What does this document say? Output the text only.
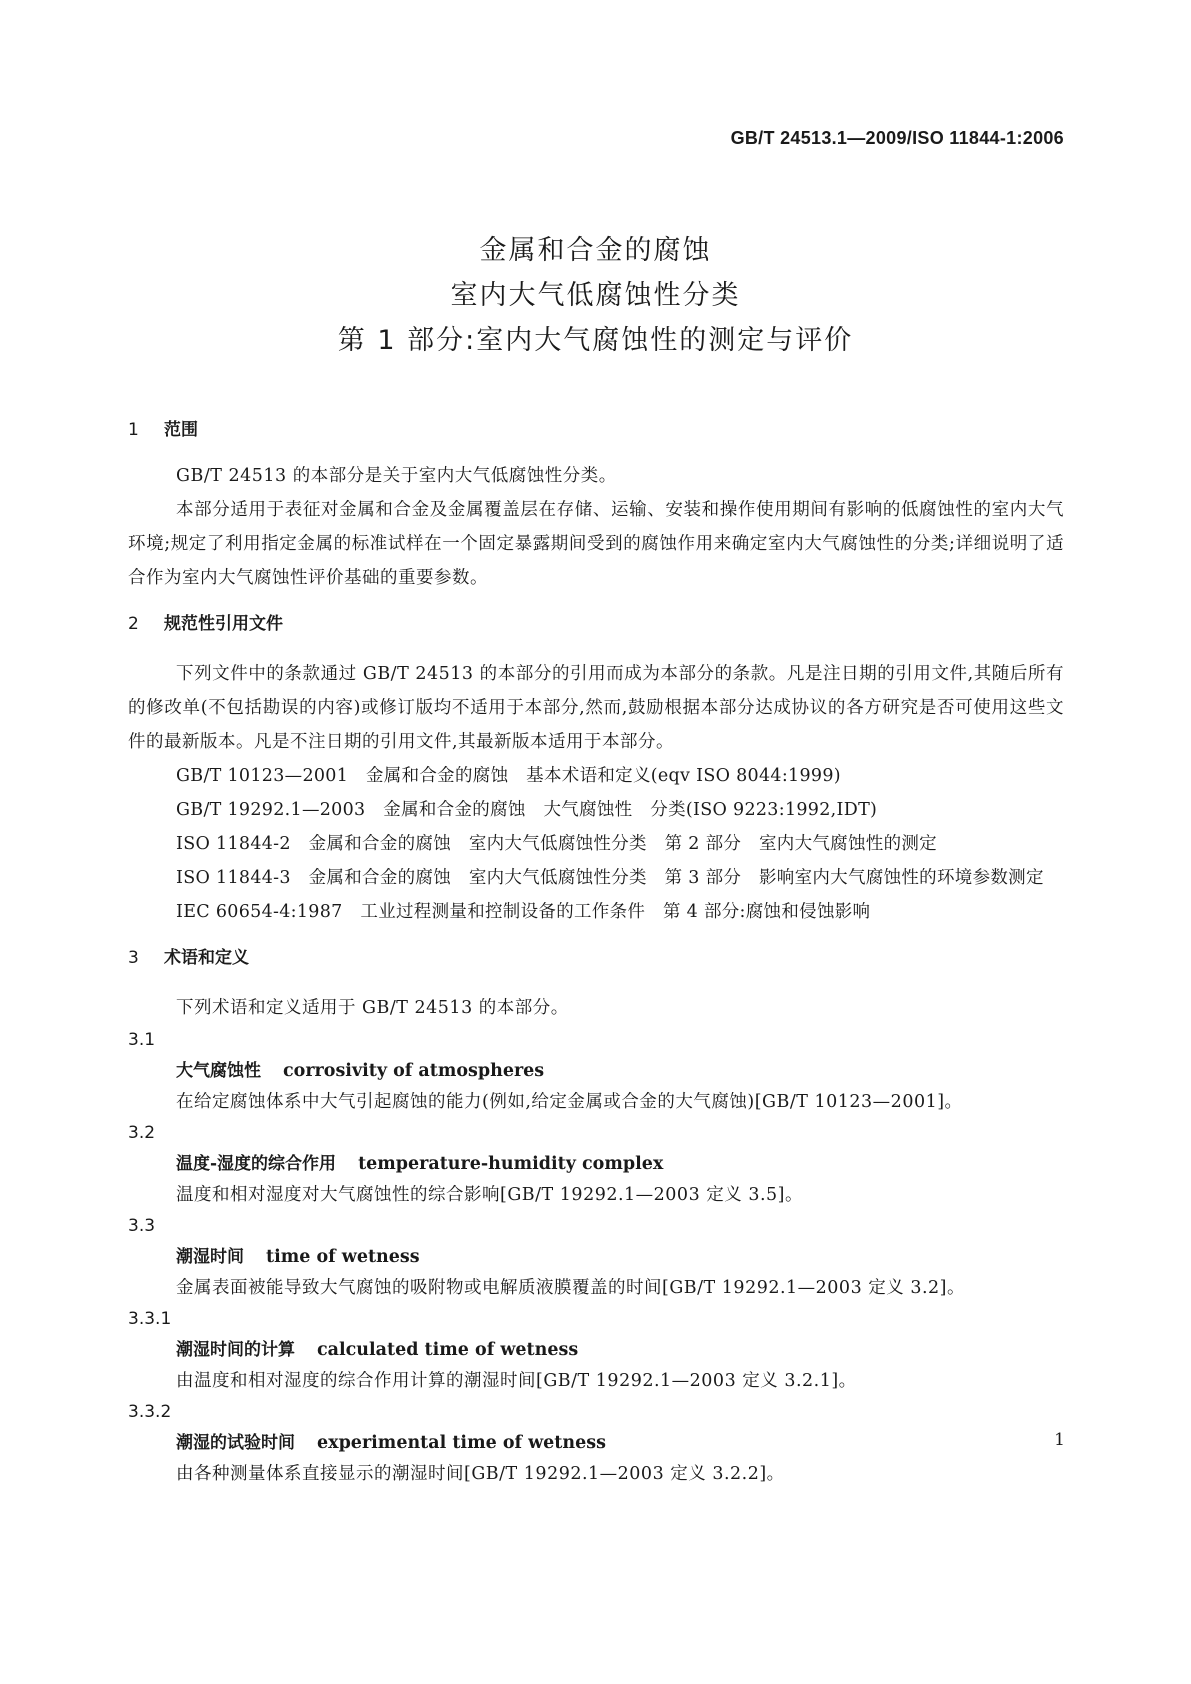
GB/T 24513.1—2009/ISO 11844-1:2006
金属和合金的腐蚀
室内大气低腐蚀性分类
第 1 部分:室内大气腐蚀性的测定与评价
1 范围

GB/T 24513 的本部分是关于室内大气低腐蚀性分类。

本部分适用于表征对金属和合金及金属覆盖层在存储、运输、安装和操作使用期间有影响的低腐蚀性的室内大气环境;规定了利用指定金属的标准试样在一个固定暴露期间受到的腐蚀作用来确定室内大气腐蚀性的分类;详细说明了适合作为室内大气腐蚀性评价基础的重要参数。

2 规范性引用文件

下列文件中的条款通过 GB/T 24513 的本部分的引用而成为本部分的条款。凡是注日期的引用文件,其随后所有的修改单(不包括勘误的内容)或修订版均不适用于本部分,然而,鼓励根据本部分达成协议的各方研究是否可使用这些文件的最新版本。凡是不注日期的引用文件,其最新版本适用于本部分。

GB/T 10123—2001　金属和合金的腐蚀　基本术语和定义(eqv ISO 8044:1999)

GB/T 19292.1—2003　金属和合金的腐蚀　大气腐蚀性　分类(ISO 9223:1992,IDT)

ISO 11844-2　金属和合金的腐蚀　室内大气低腐蚀性分类　第 2 部分　室内大气腐蚀性的测定

ISO 11844-3　金属和合金的腐蚀　室内大气低腐蚀性分类　第 3 部分　影响室内大气腐蚀性的环境参数测定

IEC 60654-4:1987　工业过程测量和控制设备的工作条件　第 4 部分:腐蚀和侵蚀影响

3 术语和定义

下列术语和定义适用于 GB/T 24513 的本部分。

3.1
大气腐蚀性 corrosivity of atmospheres

在给定腐蚀体系中大气引起腐蚀的能力(例如,给定金属或合金的大气腐蚀)[GB/T 10123—2001]。

3.2
温度-湿度的综合作用 temperature-humidity complex

温度和相对湿度对大气腐蚀性的综合影响[GB/T 19292.1—2003 定义 3.5]。

3.3
潮湿时间 time of wetness

金属表面被能导致大气腐蚀的吸附物或电解质液膜覆盖的时间[GB/T 19292.1—2003 定义 3.2]。

3.3.1
潮湿时间的计算 calculated time of wetness

由温度和相对湿度的综合作用计算的潮湿时间[GB/T 19292.1—2003 定义 3.2.1]。

3.3.2
潮湿的试验时间 experimental time of wetness

由各种测量体系直接显示的潮湿时间[GB/T 19292.1—2003 定义 3.2.2]。

1
